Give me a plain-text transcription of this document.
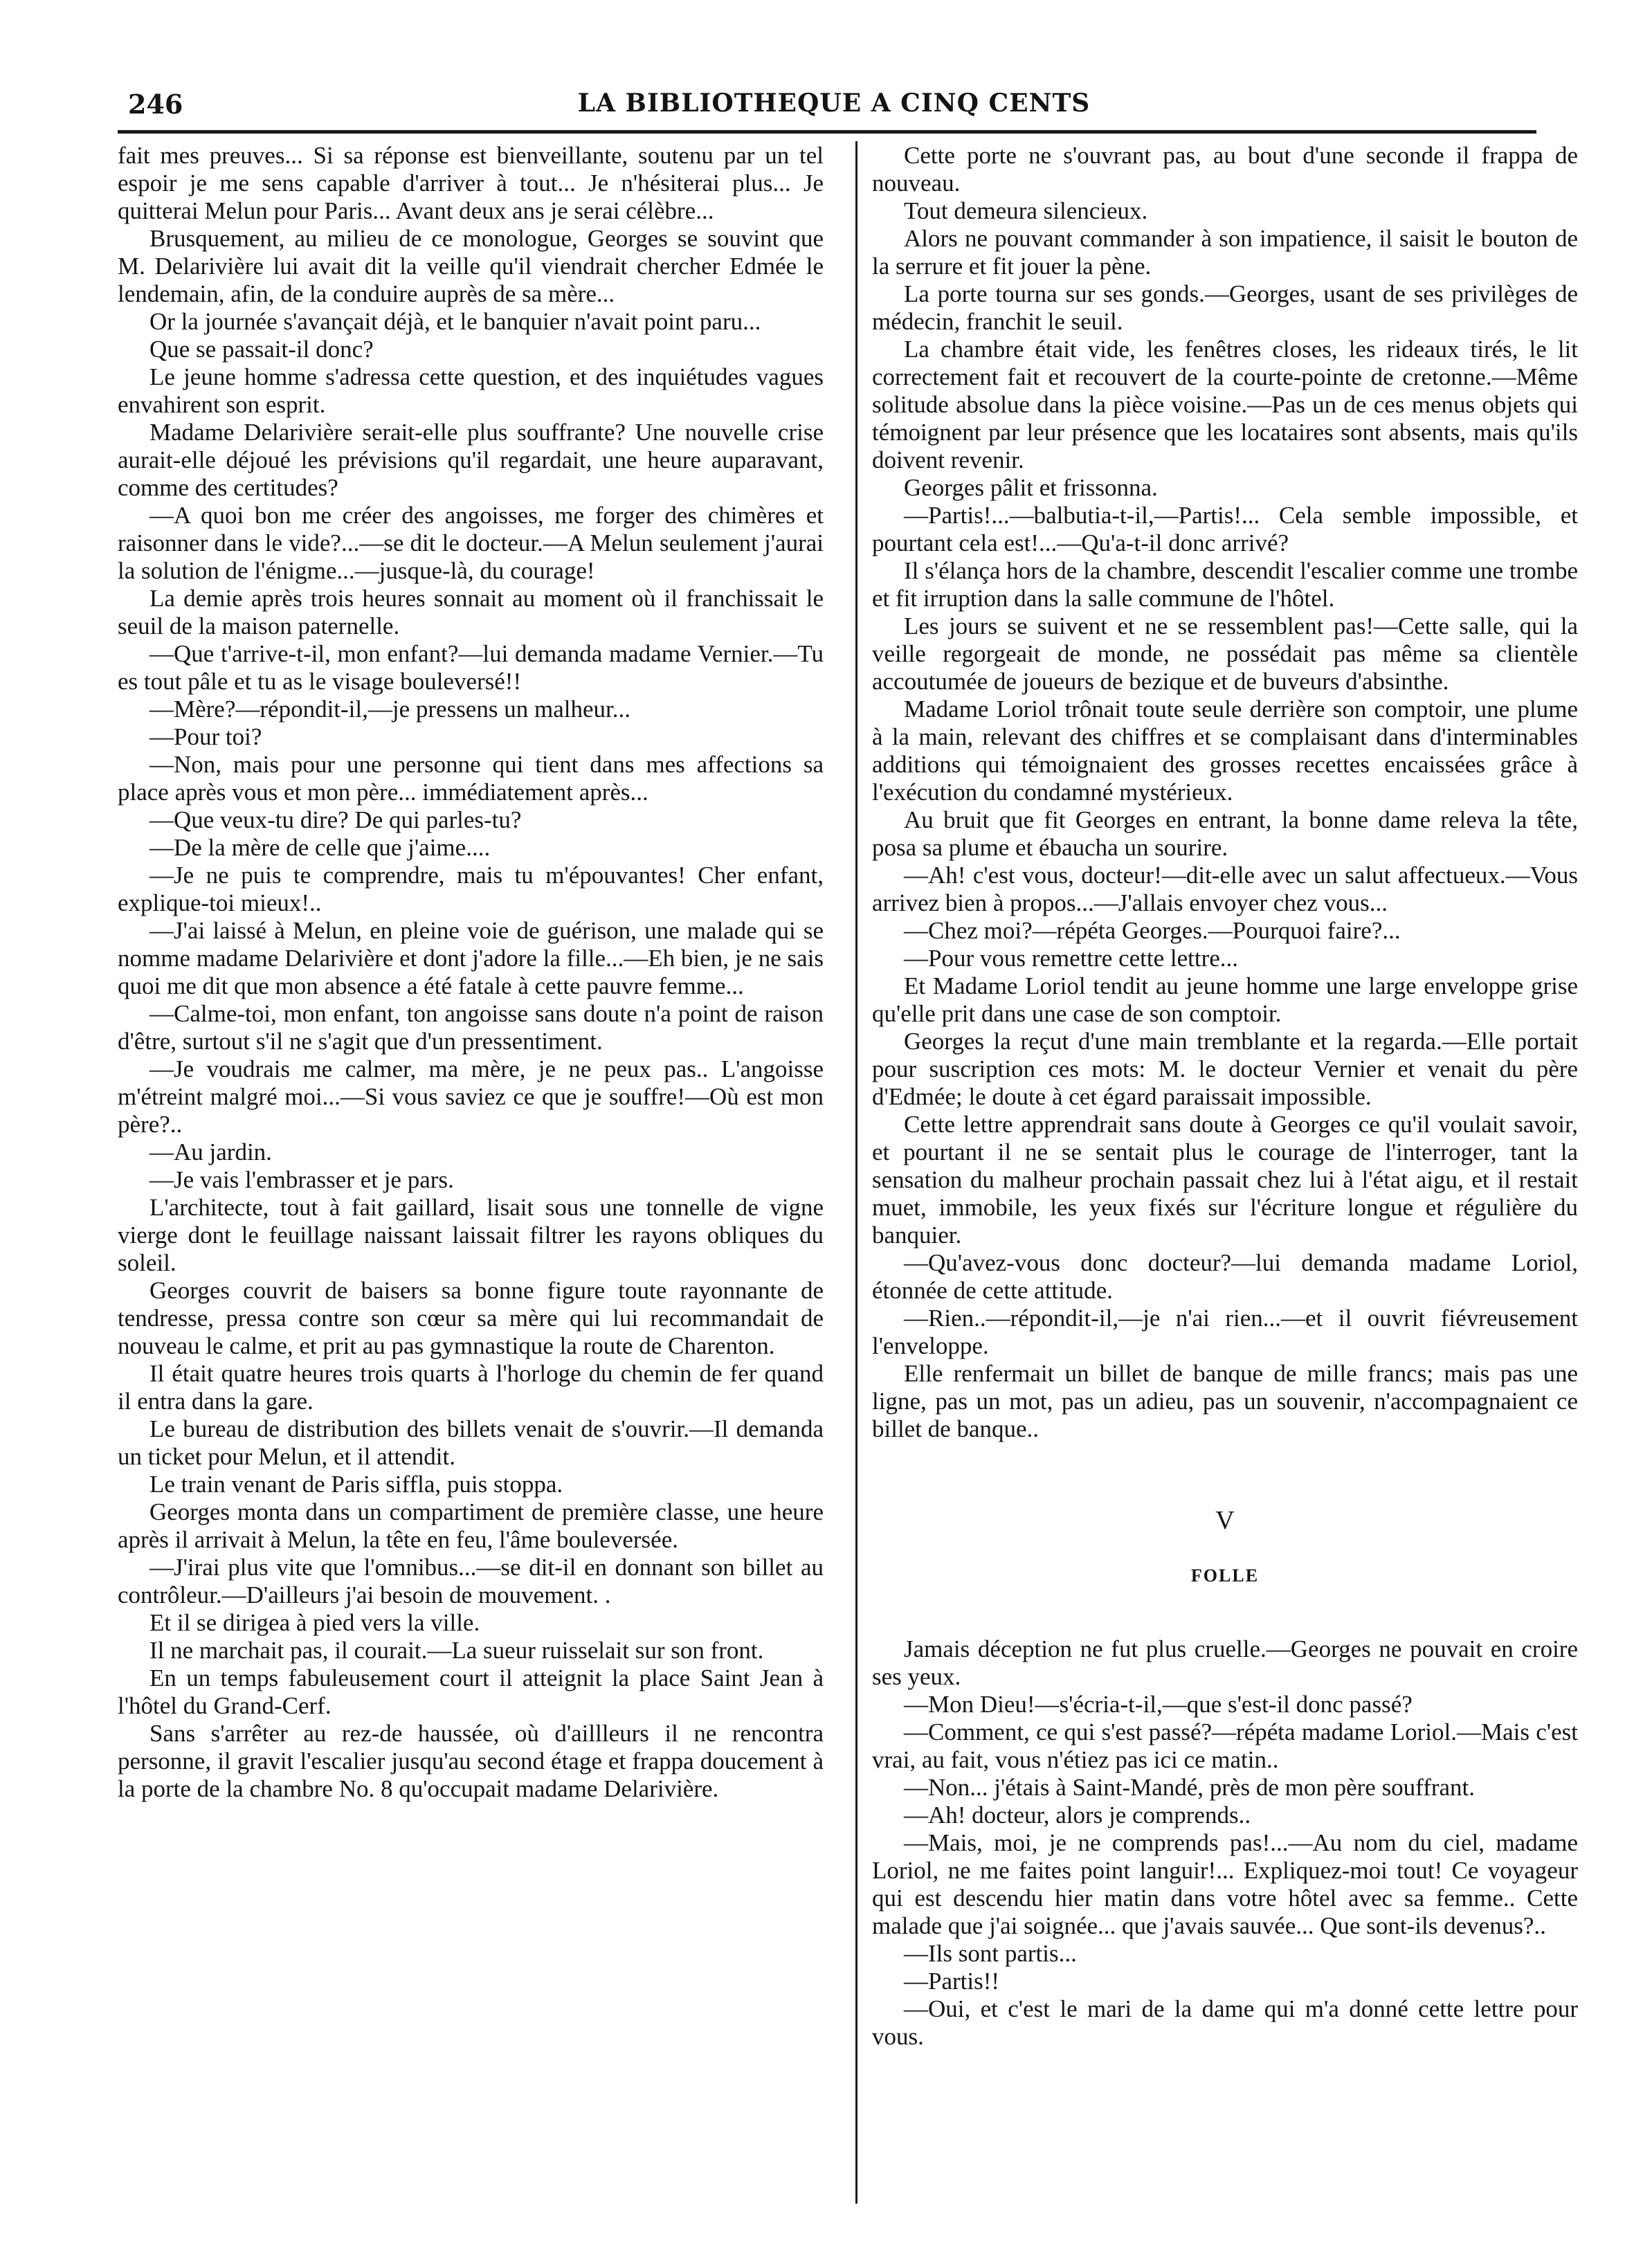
246	LA BIBLIOTHEQUE A CINQ CENTS

fait mes preuves... Si sa réponse est bienveillante, soutenu par un tel espoir je me sens capable d'arriver à tout... Je n'hésiterai plus... Je quitterai Melun pour Paris... Avant deux ans je serai célèbre...

Brusquement, au milieu de ce monologue, Georges se souvint que M. Delarivière lui avait dit la veille qu'il viendrait chercher Edmée le lendemain, afin, de la conduire auprès de sa mère...

Or la journée s'avançait déjà, et le banquier n'avait point paru...

Que se passait-il donc?

Le jeune homme s'adressa cette question, et des inquiétudes vagues envahirent son esprit.

Madame Delarivière serait-elle plus souffrante? Une nouvelle crise aurait-elle déjoué les prévisions qu'il regardait, une heure auparavant, comme des certitudes?

—A quoi bon me créer des angoisses, me forger des chimères et raisonner dans le vide?...—se dit le docteur.—A Melun seulement j'aurai la solution de l'énigme...—jusque-là, du courage!

La demie après trois heures sonnait au moment où il franchissait le seuil de la maison paternelle.

—Que t'arrive-t-il, mon enfant?—lui demanda madame Vernier.—Tu es tout pâle et tu as le visage bouleversé!!

—Mère?—répondit-il,—je pressens un malheur...

—Pour toi?

—Non, mais pour une personne qui tient dans mes affections sa place après vous et mon père... immédiatement après...

—Que veux-tu dire? De qui parles-tu?

—De la mère de celle que j'aime....

—Je ne puis te comprendre, mais tu m'épouvantes! Cher enfant, explique-toi mieux!..

—J'ai laissé à Melun, en pleine voie de guérison, une malade qui se nomme madame Delarivière et dont j'adore la fille...—Eh bien, je ne sais quoi me dit que mon absence a été fatale à cette pauvre femme...

—Calme-toi, mon enfant, ton angoisse sans doute n'a point de raison d'être, surtout s'il ne s'agit que d'un pressentiment.

—Je voudrais me calmer, ma mère, je ne peux pas.. L'angoisse m'étreint malgré moi...—Si vous saviez ce que je souffre!—Où est mon père?..

—Au jardin.

—Je vais l'embrasser et je pars.

L'architecte, tout à fait gaillard, lisait sous une tonnelle de vigne vierge dont le feuillage naissant laissait filtrer les rayons obliques du soleil.

Georges couvrit de baisers sa bonne figure toute rayonnante de tendresse, pressa contre son cœur sa mère qui lui recommandait de nouveau le calme, et prit au pas gymnastique la route de Charenton.

Il était quatre heures trois quarts à l'horloge du chemin de fer quand il entra dans la gare.

Le bureau de distribution des billets venait de s'ouvrir.—Il demanda un ticket pour Melun, et il attendit.

Le train venant de Paris siffla, puis stoppa.

Georges monta dans un compartiment de première classe, une heure après il arrivait à Melun, la tête en feu, l'âme bouleversée.

—J'irai plus vite que l'omnibus...—se dit-il en donnant son billet au contrôleur.—D'ailleurs j'ai besoin de mouvement. .

Et il se dirigea à pied vers la ville.

Il ne marchait pas, il courait.—La sueur ruisselait sur son front.

En un temps fabuleusement court il atteignit la place Saint Jean à l'hôtel du Grand-Cerf.

Sans s'arrêter au rez-de haussée, où d'aillleurs il ne rencontra personne, il gravit l'escalier jusqu'au second étage et frappa doucement à la porte de la chambre No. 8 qu'occupait madame Delarivière.

Cette porte ne s'ouvrant pas, au bout d'une seconde il frappa de nouveau.

Tout demeura silencieux.

Alors ne pouvant commander à son impatience, il saisit le bouton de la serrure et fit jouer la pène.

La porte tourna sur ses gonds.—Georges, usant de ses privilèges de médecin, franchit le seuil.

La chambre était vide, les fenêtres closes, les rideaux tirés, le lit correctement fait et recouvert de la courte-pointe de cretonne.—Même solitude absolue dans la pièce voisine.—Pas un de ces menus objets qui témoignent par leur présence que les locataires sont absents, mais qu'ils doivent revenir.

Georges pâlit et frissonna.

—Partis!...—balbutia-t-il,—Partis!... Cela semble impossible, et pourtant cela est!...—Qu'a-t-il donc arrivé?

Il s'élança hors de la chambre, descendit l'escalier comme une trombe et fit irruption dans la salle commune de l'hôtel.

Les jours se suivent et ne se ressemblent pas!—Cette salle, qui la veille regorgeait de monde, ne possédait pas même sa clientèle accoutumée de joueurs de bezique et de buveurs d'absinthe.

Madame Loriol trônait toute seule derrière son comptoir, une plume à la main, relevant des chiffres et se complaisant dans d'interminables additions qui témoignaient des grosses recettes encaissées grâce à l'exécution du condamné mystérieux.

Au bruit que fit Georges en entrant, la bonne dame releva la tête, posa sa plume et ébaucha un sourire.

—Ah! c'est vous, docteur!—dit-elle avec un salut affectueux.—Vous arrivez bien à propos...—J'allais envoyer chez vous...

—Chez moi?—répéta Georges.—Pourquoi faire?...

—Pour vous remettre cette lettre...

Et Madame Loriol tendit au jeune homme une large enveloppe grise qu'elle prit dans une case de son comptoir.

Georges la reçut d'une main tremblante et la regarda.—Elle portait pour suscription ces mots: M. le docteur Vernier et venait du père d'Edmée; le doute à cet égard paraissait impossible.

Cette lettre apprendrait sans doute à Georges ce qu'il voulait savoir, et pourtant il ne se sentait plus le courage de l'interroger, tant la sensation du malheur prochain passait chez lui à l'état aigu, et il restait muet, immobile, les yeux fixés sur l'écriture longue et régulière du banquier.

—Qu'avez-vous donc docteur?—lui demanda madame Loriol, étonnée de cette attitude.

—Rien..—répondit-il,—je n'ai rien...—et il ouvrit fiévreusement l'enveloppe.

Elle renfermait un billet de banque de mille francs; mais pas une ligne, pas un mot, pas un adieu, pas un souvenir, n'accompagnaient ce billet de banque..

V
FOLLE

Jamais déception ne fut plus cruelle.—Georges ne pouvait en croire ses yeux.

—Mon Dieu!—s'écria-t-il,—que s'est-il donc passé?

—Comment, ce qui s'est passé?—répéta madame Loriol.—Mais c'est vrai, au fait, vous n'étiez pas ici ce matin..

—Non... j'étais à Saint-Mandé, près de mon père souffrant.

—Ah! docteur, alors je comprends..

—Mais, moi, je ne comprends pas!...—Au nom du ciel, madame Loriol, ne me faites point languir!... Expliquez-moi tout! Ce voyageur qui est descendu hier matin dans votre hôtel avec sa femme.. Cette malade que j'ai soignée... que j'avais sauvée... Que sont-ils devenus?..

—Ils sont partis...

—Partis!!

—Oui, et c'est le mari de la dame qui m'a donné cette lettre pour vous.
